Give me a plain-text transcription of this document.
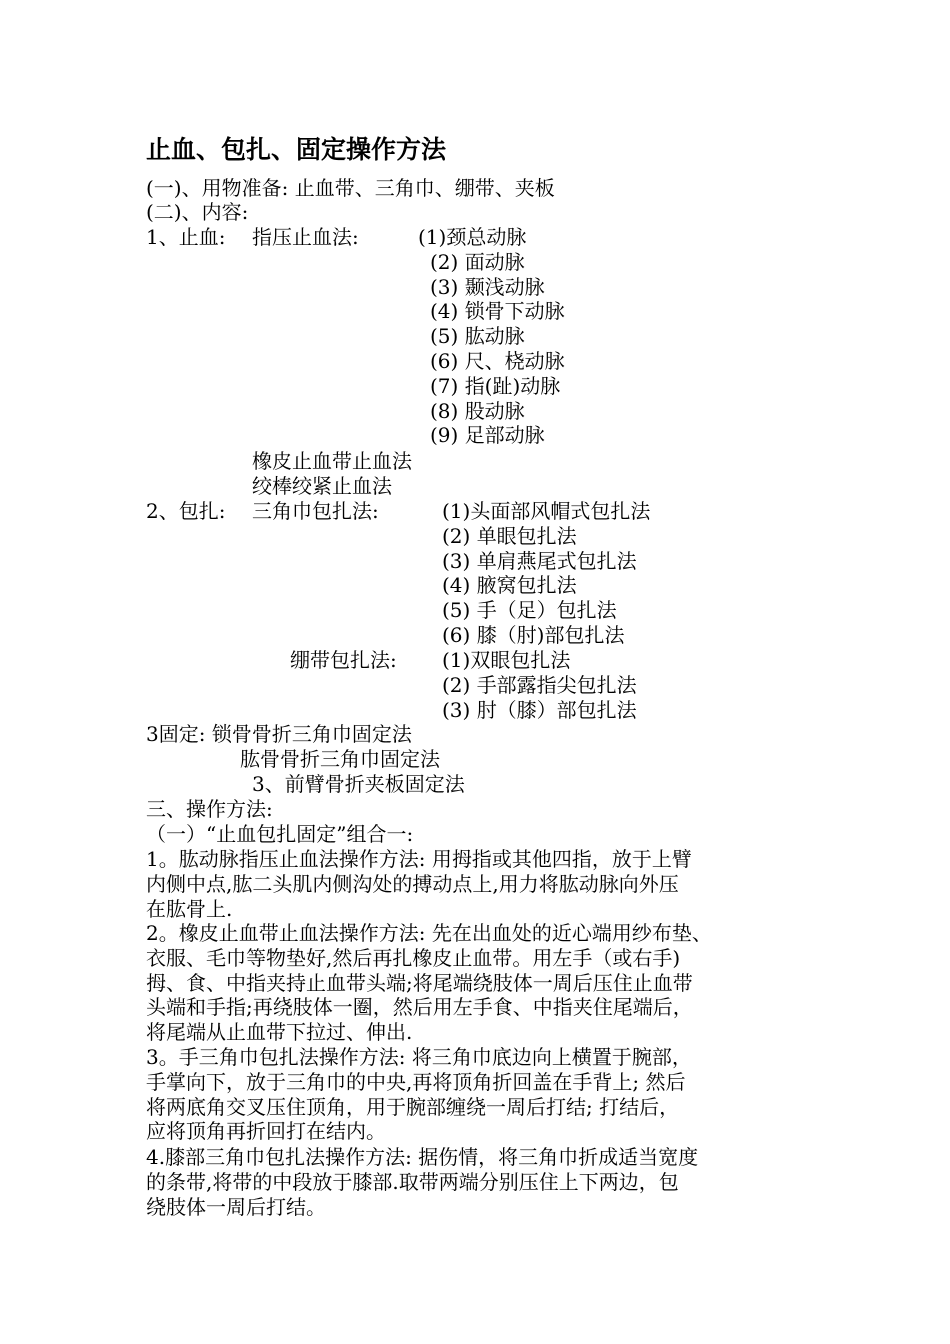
止血、包扎、固定操作方法
(一)、用物准备: 止血带、三角巾、绷带、夹板
(二)、内容:
1、止血: 指压止血法:	(1)颈总动脉
(2) 面动脉
(3) 颞浅动脉
(4) 锁骨下动脉
(5) 肱动脉
(6) 尺、桡动脉
(7) 指(趾)动脉
(8) 股动脉
(9) 足部动脉
橡皮止血带止血法
绞棒绞紧止血法
2、包扎: 三角巾包扎法:	(1)头面部风帽式包扎法
(2) 单眼包扎法
(3) 单肩燕尾式包扎法
(4) 腋窝包扎法
(5) 手（足）包扎法
(6) 膝（肘)部包扎法
绷带包扎法: (1)双眼包扎法
(2) 手部露指尖包扎法
(3) 肘（膝）部包扎法
3固定: 锁骨骨折三角巾固定法
肱骨骨折三角巾固定法
3、前臂骨折夹板固定法
三、操作方法:
（一）“止血包扎固定”组合一:
1。肱动脉指压止血法操作方法: 用拇指或其他四指，放于上臂
内侧中点,肱二头肌内侧沟处的搏动点上,用力将肱动脉向外压
在肱骨上.
2。橡皮止血带止血法操作方法: 先在出血处的近心端用纱布垫、
衣服、毛巾等物垫好,然后再扎橡皮止血带。用左手（或右手)
拇、食、中指夹持止血带头端;将尾端绕肢体一周后压住止血带
头端和手指;再绕肢体一圈，然后用左手食、中指夹住尾端后，
将尾端从止血带下拉过、伸出.
3。手三角巾包扎法操作方法: 将三角巾底边向上横置于腕部，
手掌向下，放于三角巾的中央,再将顶角折回盖在手背上; 然后
将两底角交叉压住顶角，用于腕部缠绕一周后打结; 打结后，
应将顶角再折回打在结内。
4.膝部三角巾包扎法操作方法: 据伤情，将三角巾折成适当宽度
的条带,将带的中段放于膝部.取带两端分别压住上下两边，包
绕肢体一周后打结。
